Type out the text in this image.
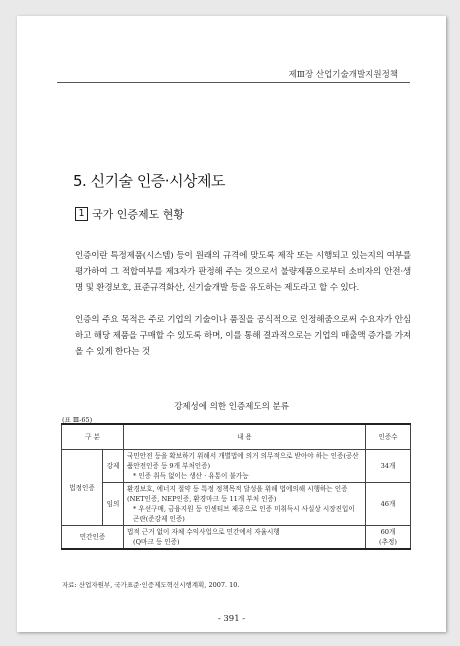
제Ⅲ장 산업기술개발지원정책
5. 신기술 인증·시상제도
1 국가 인증제도 현황

인증이란 특정제품(시스템) 등이 원래의 규격에 맞도록 제작 또는 시행되고 있는지의 여부를 평가하여 그 적합여부를 제3자가 판정해 주는 것으로서 불량제품으로부터 소비자의 안전·생명 및 환경보호, 표준규격화산, 신기술개발 등을 유도하는 제도라고 할 수 있다.

인증의 주요 목적은 주로 기업의 기술이나 품질을 공식적으로 인정해줌으로써 수요자가 안심하고 해당 제품을 구매할 수 있도록 하며, 이를 통해 결과적으로는 기업의 매출액 증가를 가져올 수 있게 한다는 것

강제성에 의한 인증제도의 분류
(표 Ⅲ-65)
구 분		내 용	인증수
법정인증	강제	국민안전 등을 확보하기 위해서 개별법에 의거 의무적으로 받아야 하는 인증(공산품안전인증 등 9개 부처인증)
* 인증 취득 없이는 생산 · 유통이 불가능	34개
	임의	환경보호, 에너지 절약 등 특정 정책목적 달성을 위해 법에의해 시행하는 인증(NET인증, NEP인증, 환경마크 등 11개 부처 인증)
* 우선구매, 금융지원 등 인센티브 제공으로 인증 미취득시 사실상 시장진입이 곤란(준강제 인증)	46개
민간인증		법적 근거 없이 자체 수익사업으로 민간에서 자율시행
(Q마크 등 인증)	60개
(추정)
자료: 산업자원부, 국가표준·인증제도혁신시행계획, 2007. 10.
- 391 -
